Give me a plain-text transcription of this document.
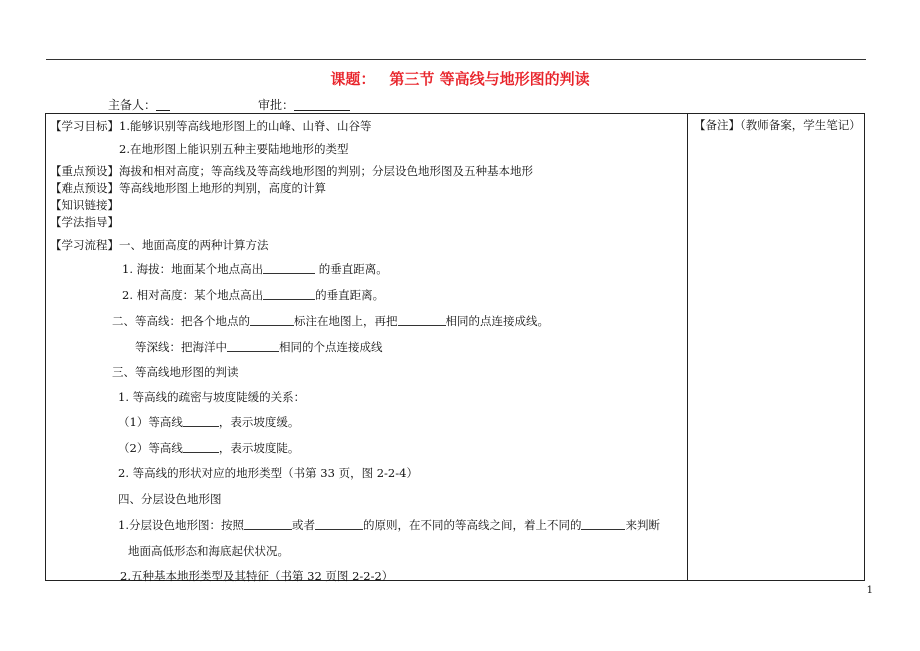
课题： 第三节 等高线与地形图的判读
主备人：	审批：
【备注】（教师备案，学生笔记）
【学习目标】1.能够识别等高线地形图上的山峰、山脊、山谷等
2.在地形图上能识别五种主要陆地地形的类型
【重点预设】海拔和相对高度；等高线及等高线地形图的判别；分层设色地形图及五种基本地形
【难点预设】等高线地形图上地形的判别，高度的计算
【知识链接】
【学法指导】
【学习流程】一、地面高度的两种计算方法
1. 海拔：地面某个地点高出	的垂直距离。
2. 相对高度：某个地点高出	的垂直距离。
二、等高线：把各个地点的	标注在地图上，再把	相同的点连接成线。
等深线：把海洋中	相同的个点连接成线
三、等高线地形图的判读
1. 等高线的疏密与坡度陡缓的关系：
（1）等高线	，表示坡度缓。
（2）等高线	，表示坡度陡。
2. 等高线的形状对应的地形类型（书第 33 页，图 2-2-4）
四、分层设色地形图
1.分层设色地形图：按照	或者	的原则，在不同的等高线之间，着上不同的	来判断
地面高低形态和海底起伏状况。
2.五种基本地形类型及其特征（书第 32 页图 2-2-2）
1
